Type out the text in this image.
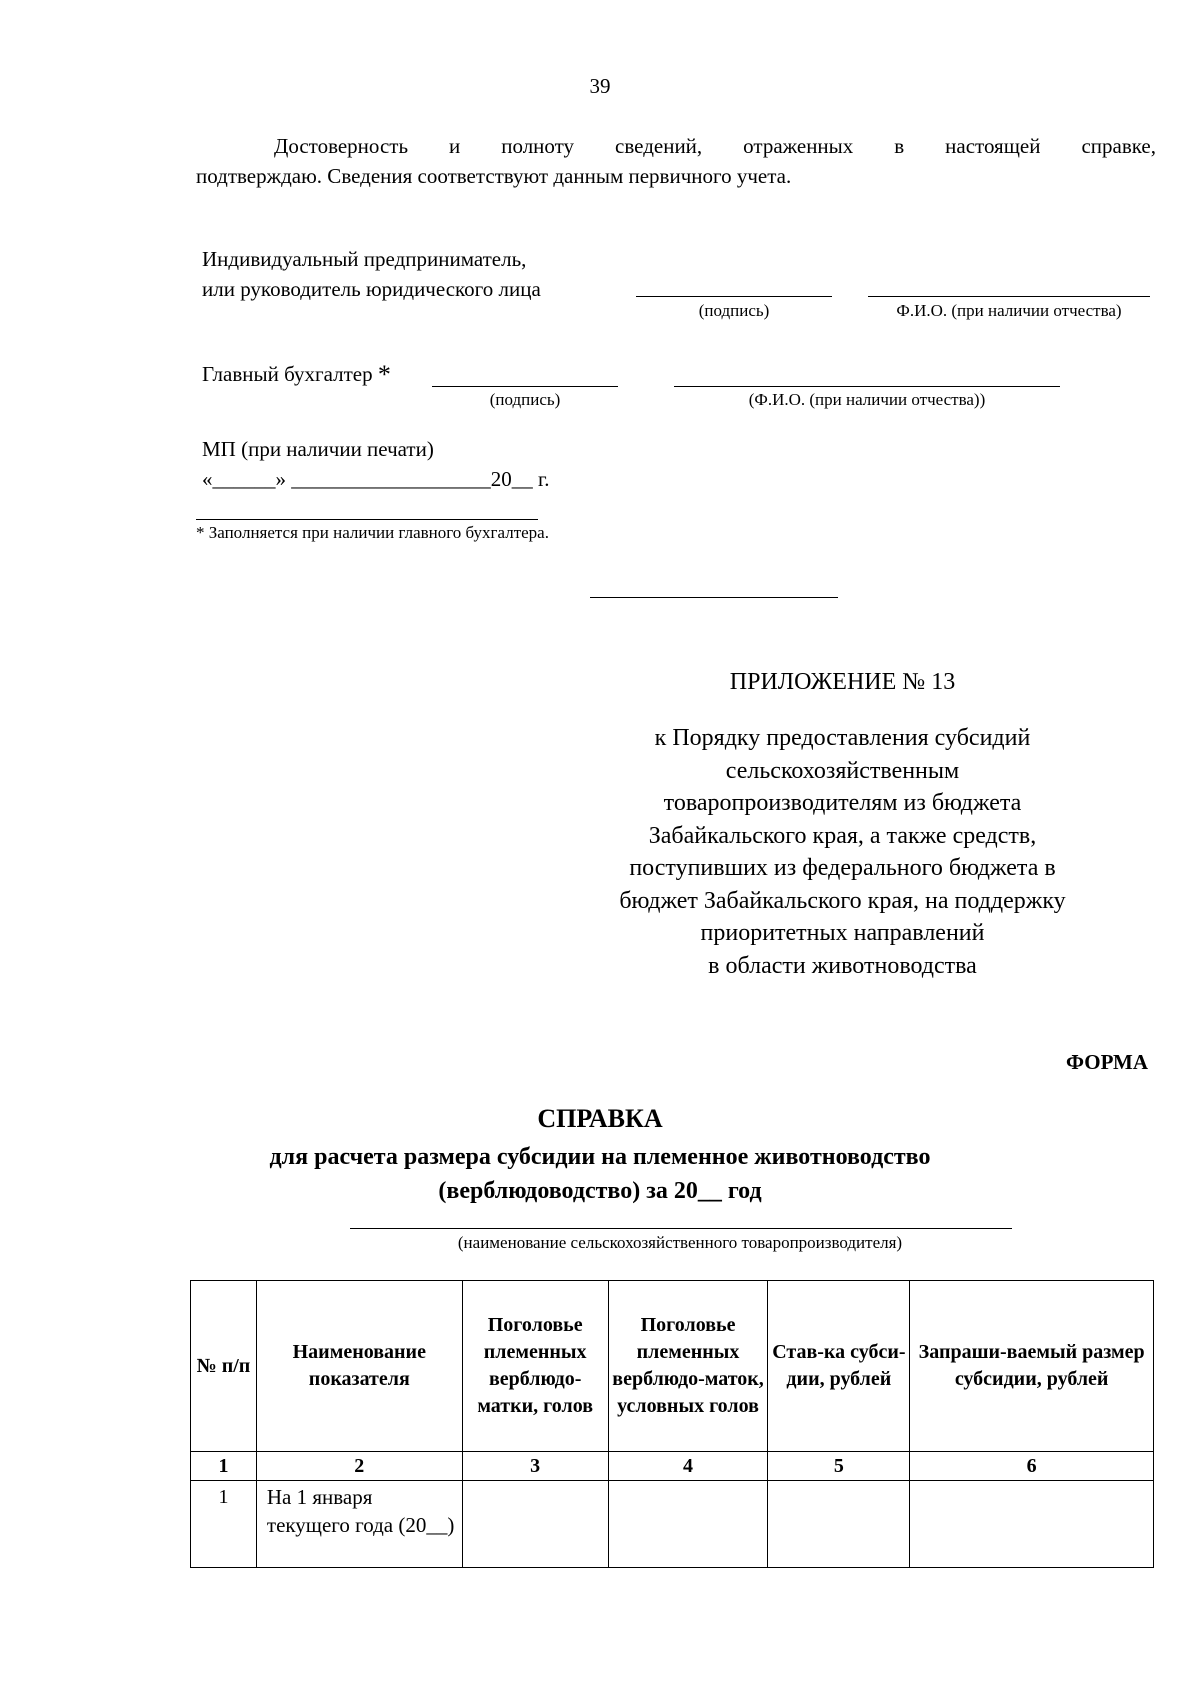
39
Достоверность и полноту сведений, отраженных в настоящей справке,
подтверждаю. Сведения соответствуют данным первичного учета.
Индивидуальный предприниматель,
или руководитель юридического лица
(подпись)	Ф.И.О. (при наличии отчества)
Главный бухгалтер *
(подпись)	(Ф.И.О. (при наличии отчества))
МП (при наличии печати)
«______» ___________________20__ г.
* Заполняется при наличии главного бухгалтера.
ПРИЛОЖЕНИЕ № 13
к Порядку предоставления субсидий
сельскохозяйственным
товаропроизводителям из бюджета
Забайкальского края, а также средств,
поступивших из федерального бюджета в
бюджет Забайкальского края, на поддержку
приоритетных направлений
в области животноводства
ФОРМА
СПРАВКА
для расчета размера субсидии на племенное животноводство
(верблюдоводство) за 20__ год
(наименование сельскохозяйственного товаропроизводителя)
№ п/п	Наименование показателя	Поголовье племенных верблюдо-матки, голов	Поголовье племенных верблюдо-маток, условных голов	Став-ка субси-дии, рублей	Запраши-ваемый размер субсидии, рублей
1	2	3	4	5	6
1	На 1 января текущего года (20__)				
